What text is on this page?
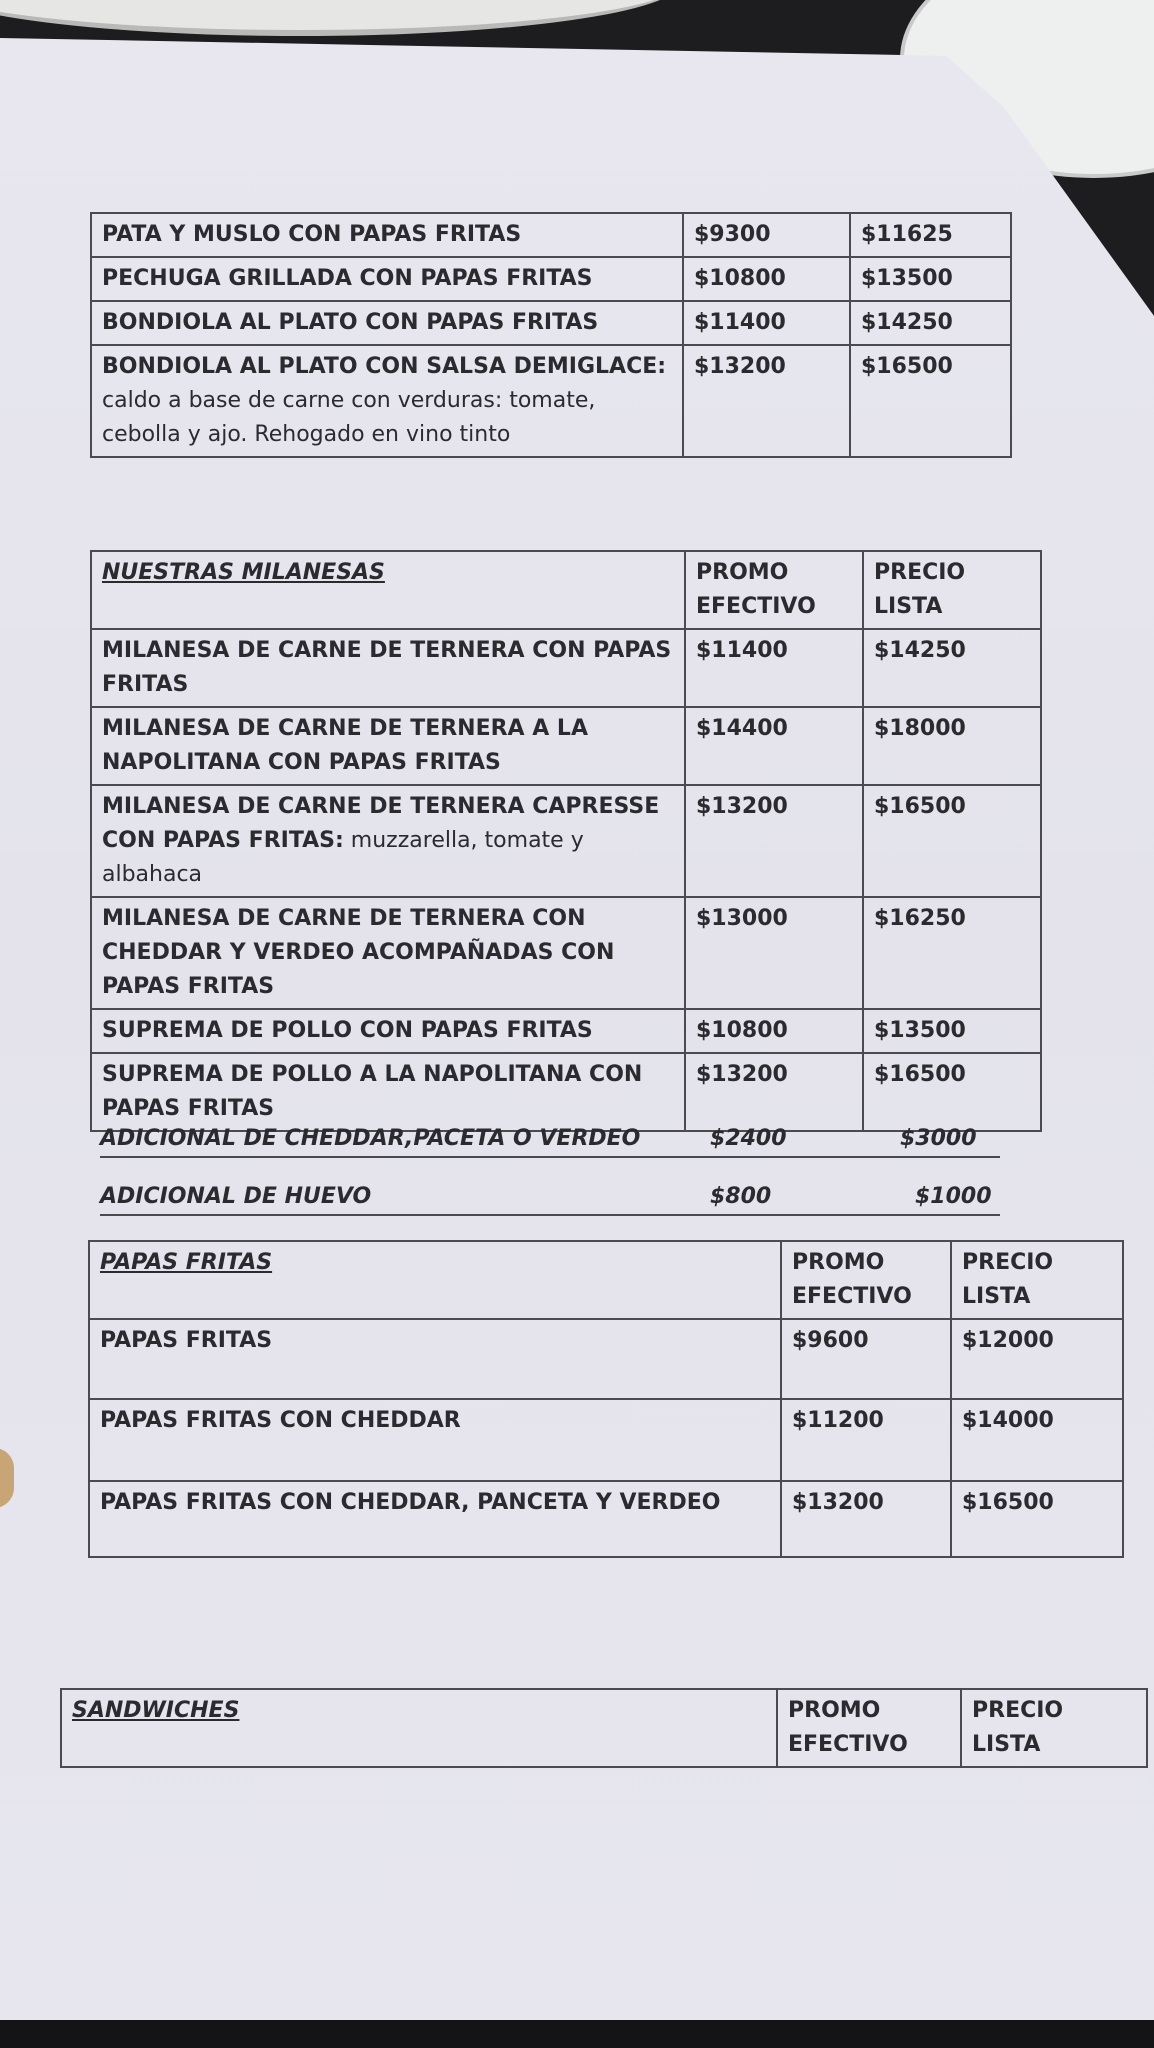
PATA Y MUSLO CON PAPAS FRITAS	$9300	$11625
PECHUGA GRILLADA CON PAPAS FRITAS	$10800	$13500
BONDIOLA AL PLATO CON PAPAS FRITAS	$11400	$14250
BONDIOLA AL PLATO CON SALSA DEMIGLACE: caldo a base de carne con verduras: tomate, cebolla y ajo. Rehogado en vino tinto	$13200	$16500
NUESTRAS MILANESAS	PROMO EFECTIVO	PRECIO LISTA
MILANESA DE CARNE DE TERNERA CON PAPAS FRITAS	$11400	$14250
MILANESA DE CARNE DE TERNERA A LA NAPOLITANA CON PAPAS FRITAS	$14400	$18000
MILANESA DE CARNE DE TERNERA CAPRESSE CON PAPAS FRITAS: muzzarella, tomate y albahaca	$13200	$16500
MILANESA DE CARNE DE TERNERA CON CHEDDAR Y VERDEO ACOMPAÑADAS CON PAPAS FRITAS	$13000	$16250
SUPREMA DE POLLO CON PAPAS FRITAS	$10800	$13500
SUPREMA DE POLLO A LA NAPOLITANA CON PAPAS FRITAS	$13200	$16500
ADICIONAL DE CHEDDAR,PACETA O VERDEO	$2400	$3000
ADICIONAL DE HUEVO	$800	$1000
PAPAS FRITAS	PROMO EFECTIVO	PRECIO LISTA
PAPAS FRITAS	$9600	$12000
PAPAS FRITAS CON CHEDDAR	$11200	$14000
PAPAS FRITAS CON CHEDDAR, PANCETA Y VERDEO	$13200	$16500
SANDWICHES	PROMO EFECTIVO	PRECIO LISTA
